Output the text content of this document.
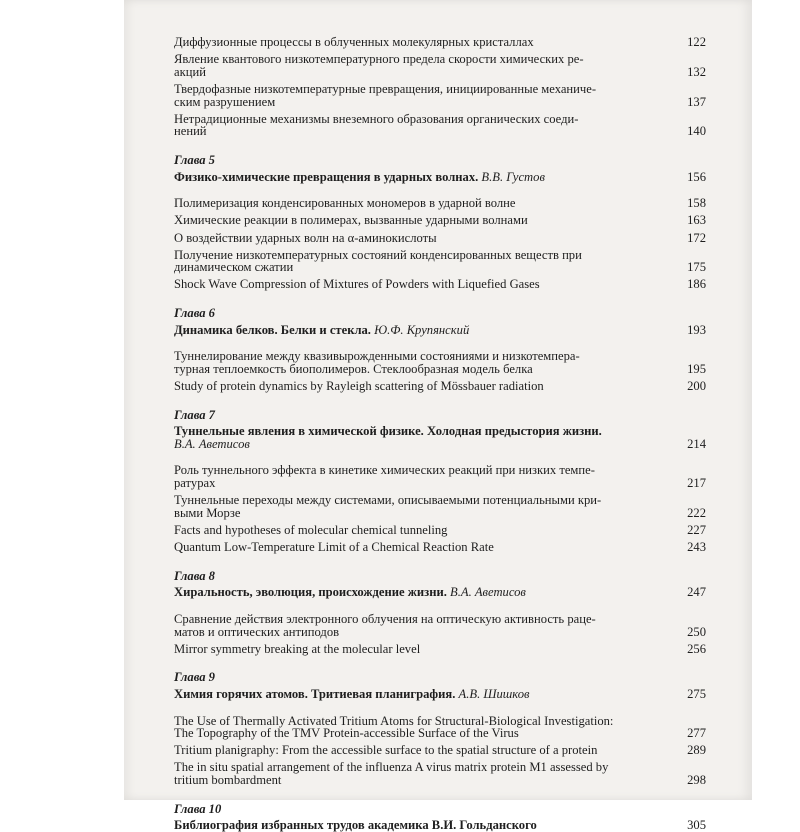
Диффузионные процессы в облученных молекулярных кристаллах	122
Явление квантового низкотемпературного предела скорости химических ре-
акций	132
Твердофазные низкотемпературные превращения, инициированные механиче-
ским разрушением	137
Нетрадиционные механизмы внеземного образования органических соеди-
нений	140
Глава 5
Физико-химические превращения в ударных волнах. В.В. Густов	156
Полимеризация конденсированных мономеров в ударной волне	158
Химические реакции в полимерах, вызванные ударными волнами	163
О воздействии ударных волн на α-аминокислоты	172
Получение низкотемпературных состояний конденсированных веществ при
динамическом сжатии	175
Shock Wave Compression of Mixtures of Powders with Liquefied Gases	186
Глава 6
Динамика белков. Белки и стекла. Ю.Ф. Крупянский	193
Туннелирование между квазивырожденными состояниями и низкотемпера-
турная теплоемкость биополимеров. Стеклообразная модель белка	195
Study of protein dynamics by Rayleigh scattering of Mössbauer radiation	200
Глава 7
Туннельные явления в химической физике. Холодная предыстория жизни.
В.А. Аветисов	214
Роль туннельного эффекта в кинетике химических реакций при низких темпе-
ратурах	217
Туннельные переходы между системами, описываемыми потенциальными кри-
выми Морзе	222
Facts and hypotheses of molecular chemical tunneling	227
Quantum Low-Temperature Limit of a Chemical Reaction Rate	243
Глава 8
Хиральность, эволюция, происхождение жизни. В.А. Аветисов	247
Сравнение действия электронного облучения на оптическую активность раце-
матов и оптических антиподов	250
Mirror symmetry breaking at the molecular level	256
Глава 9
Химия горячих атомов. Тритиевая планиграфия. А.В. Шишков	275
The Use of Thermally Activated Tritium Atoms for Structural-Biological Investigation:
The Topography of the TMV Protein-accessible Surface of the Virus	277
Tritium planigraphy: From the accessible surface to the spatial structure of a protein	289
The in situ spatial arrangement of the influenza A virus matrix protein M1 assessed by
tritium bombardment	298
Глава 10
Библиография избранных трудов академика В.И. Гольданского	305
